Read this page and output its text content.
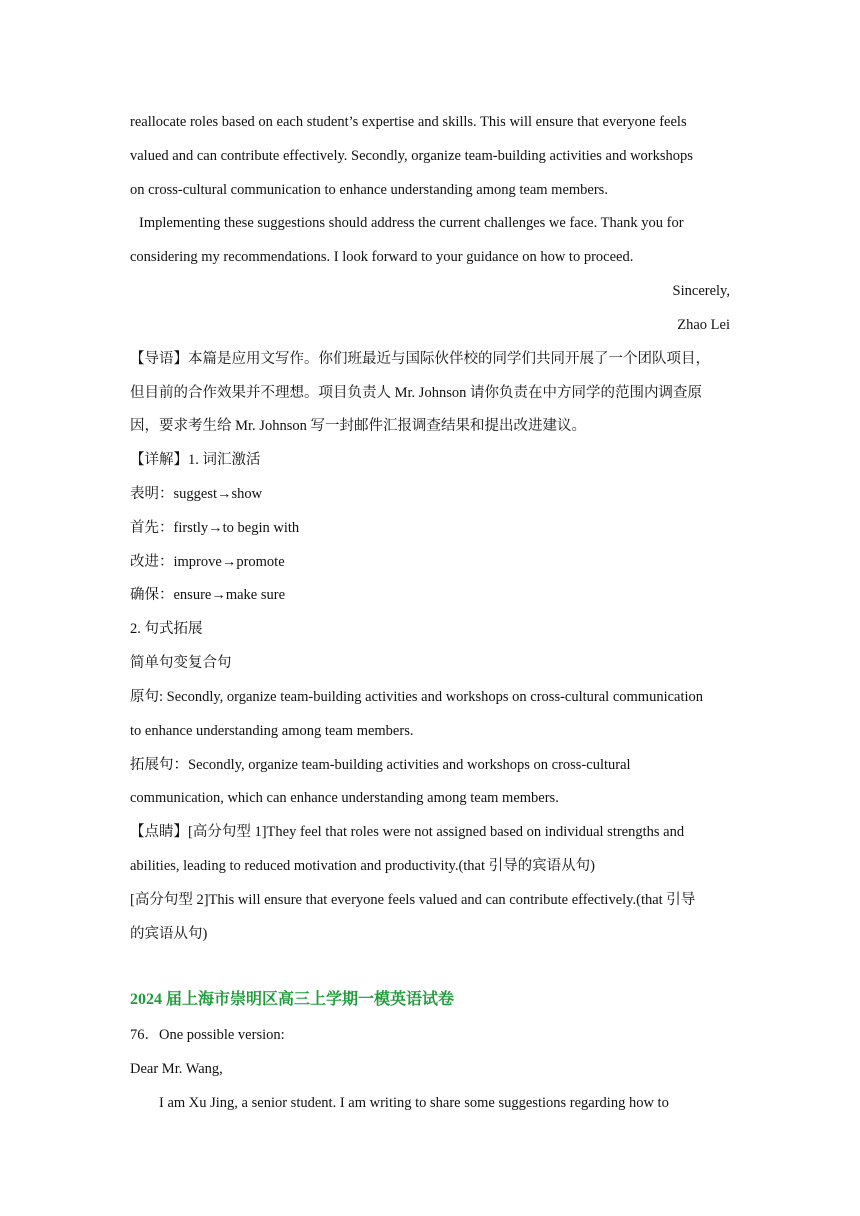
reallocate roles based on each student’s expertise and skills. This will ensure that everyone feels
valued and can contribute effectively. Secondly, organize team-building activities and workshops
on cross-cultural communication to enhance understanding among team members.
Implementing these suggestions should address the current challenges we face. Thank you for
considering my recommendations. I look forward to your guidance on how to proceed.
Sincerely,
Zhao Lei
【导语】本篇是应用文写作。你们班最近与国际伙伴校的同学们共同开展了一个团队项目，
但目前的合作效果并不理想。项目负责人 Mr. Johnson 请你负责在中方同学的范围内调查原
因，要求考生给 Mr. Johnson 写一封邮件汇报调查结果和提出改进建议。
【详解】1. 词汇激活
表明：suggest→show
首先：firstly→to begin with
改进：improve→promote
确保：ensure→make sure
2. 句式拓展
简单句变复合句
原句: Secondly, organize team-building activities and workshops on cross-cultural communication
to enhance understanding among team members.
拓展句：Secondly, organize team-building activities and workshops on cross-cultural
communication, which can enhance understanding among team members.
【点睛】[高分句型 1]They feel that roles were not assigned based on individual strengths and
abilities, leading to reduced motivation and productivity.(that 引导的宾语从句)
[高分句型 2]This will ensure that everyone feels valued and can contribute effectively.(that 引导
的宾语从句)
2024 届上海市崇明区高三上学期一模英语试卷
76．One possible version:
Dear Mr. Wang,
I am Xu Jing, a senior student. I am writing to share some suggestions regarding how to
